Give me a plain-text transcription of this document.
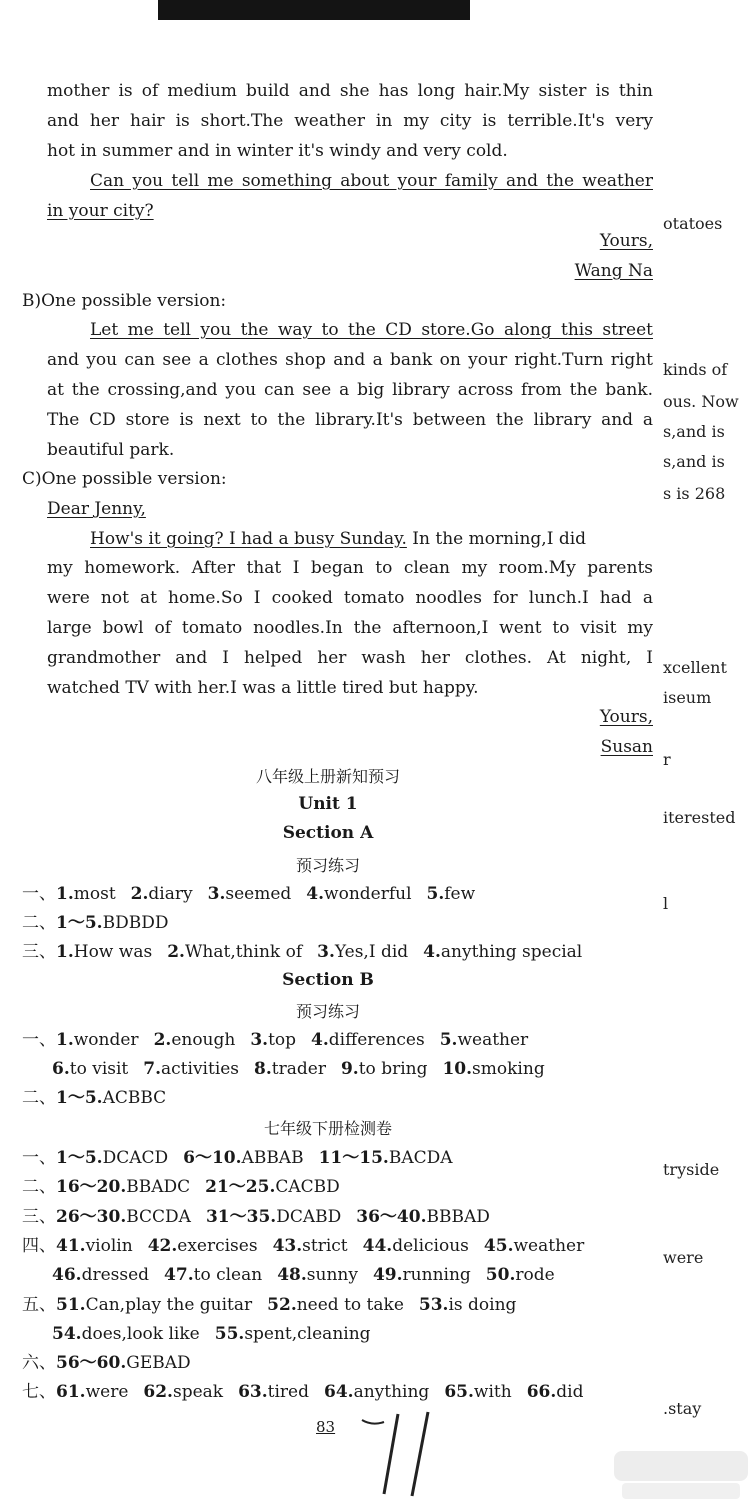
mother is of medium build and she has long hair.My sister is thin
and her hair is short.The weather in my city is terrible.It's very
hot in summer and in winter it's windy and very cold.
Can you tell me something about your family and the weather
in your city?
Yours,
Wang Na
B)One possible version:
Let me tell you the way to the CD store.Go along this street
and you can see a clothes shop and a bank on your right.Turn right
at the crossing,and you can see a big library across from the bank.
The CD store is next to the library.It's between the library and a
beautiful park.
C)One possible version:
Dear Jenny,
How's it going? I had a busy Sunday. In the morning,I did
my homework. After that I began to clean my room.My parents
were not at home.So I cooked tomato noodles for lunch.I had a
large bowl of tomato noodles.In the afternoon,I went to visit my
grandmother and I helped her wash her clothes. At night, I
watched TV with her.I was a little tired but happy.
Yours,
Susan
八年级上册新知预习
Unit 1
Section A
预习练习
一、1.most 2.diary 3.seemed 4.wonderful 5.few
二、1～5.BDBDD
三、1.How was 2.What,think of 3.Yes,I did 4.anything special
Section B
预习练习
一、1.wonder 2.enough 3.top 4.differences 5.weather
6.to visit 7.activities 8.trader 9.to bring 10.smoking
二、1～5.ACBBC
七年级下册检测卷
一、1～5.DCACD 6～10.ABBAB 11～15.BACDA
二、16～20.BBADC 21～25.CACBD
三、26～30.BCCDA 31～35.DCABD 36～40.BBBAD
四、41.violin 42.exercises 43.strict 44.delicious 45.weather
46.dressed 47.to clean 48.sunny 49.running 50.rode
五、51.Can,play the guitar 52.need to take 53.is doing
54.does,look like 55.spent,cleaning
六、56～60.GEBAD
七、61.were 62.speak 63.tired 64.anything 65.with 66.did
otatoes
kinds of
ous. Now
s,and is
s,and is
s is 268
xcellent
iseum
r
iterested
l
tryside
were
.stay
83
